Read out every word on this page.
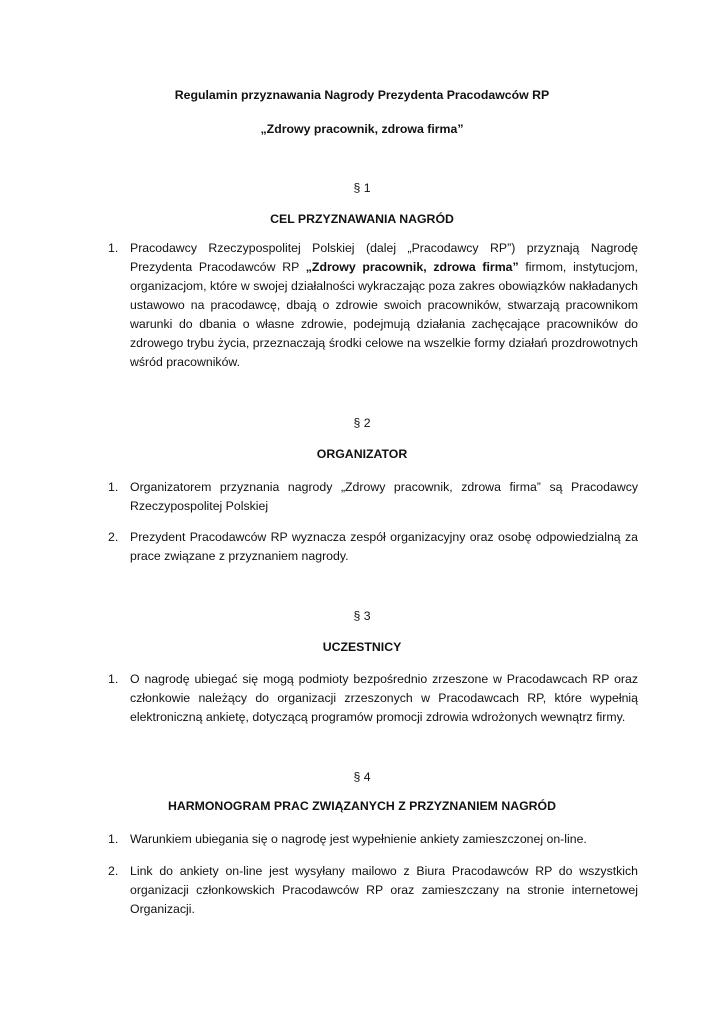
Regulamin przyznawania Nagrody Prezydenta Pracodawców RP
„Zdrowy pracownik, zdrowa firma”
§ 1
CEL PRZYZNAWANIA NAGRÓD
1. Pracodawcy Rzeczypospolitej Polskiej (dalej „Pracodawcy RP”) przyznają Nagrodę Prezydenta Pracodawców RP „Zdrowy pracownik, zdrowa firma” firmom, instytucjom, organizacjom, które w swojej działalności wykraczając poza zakres obowiązków nakładanych ustawowo na pracodawcę, dbają o zdrowie swoich pracowników, stwarzają pracownikom warunki do dbania o własne zdrowie, podejmują działania zachęcające pracowników do zdrowego trybu życia, przeznaczają środki celowe na wszelkie formy działań prozdrowotnych wśród pracowników.
§ 2
ORGANIZATOR
1. Organizatorem przyznania nagrody „Zdrowy pracownik, zdrowa firma” są Pracodawcy Rzeczypospolitej Polskiej
2. Prezydent Pracodawców RP wyznacza zespół organizacyjny oraz osobę odpowiedzialną za prace związane z przyznaniem nagrody.
§ 3
UCZESTNICY
1. O nagrodę ubiegać się mogą podmioty bezpośrednio zrzeszone w Pracodawcach RP oraz członkowie należący do organizacji zrzeszonych w Pracodawcach RP, które wypełnią elektroniczną ankietę, dotyczącą programów promocji zdrowia wdrożonych wewnątrz firmy.
§ 4
HARMONOGRAM PRAC ZWIĄZANYCH Z PRZYZNANIEM NAGRÓD
1. Warunkiem ubiegania się o nagrodę jest wypełnienie ankiety zamieszczonej on-line.
2. Link do ankiety on-line jest wysyłany mailowo z Biura Pracodawców RP do wszystkich organizacji członkowskich Pracodawców RP oraz zamieszczany na stronie internetowej Organizacji.
